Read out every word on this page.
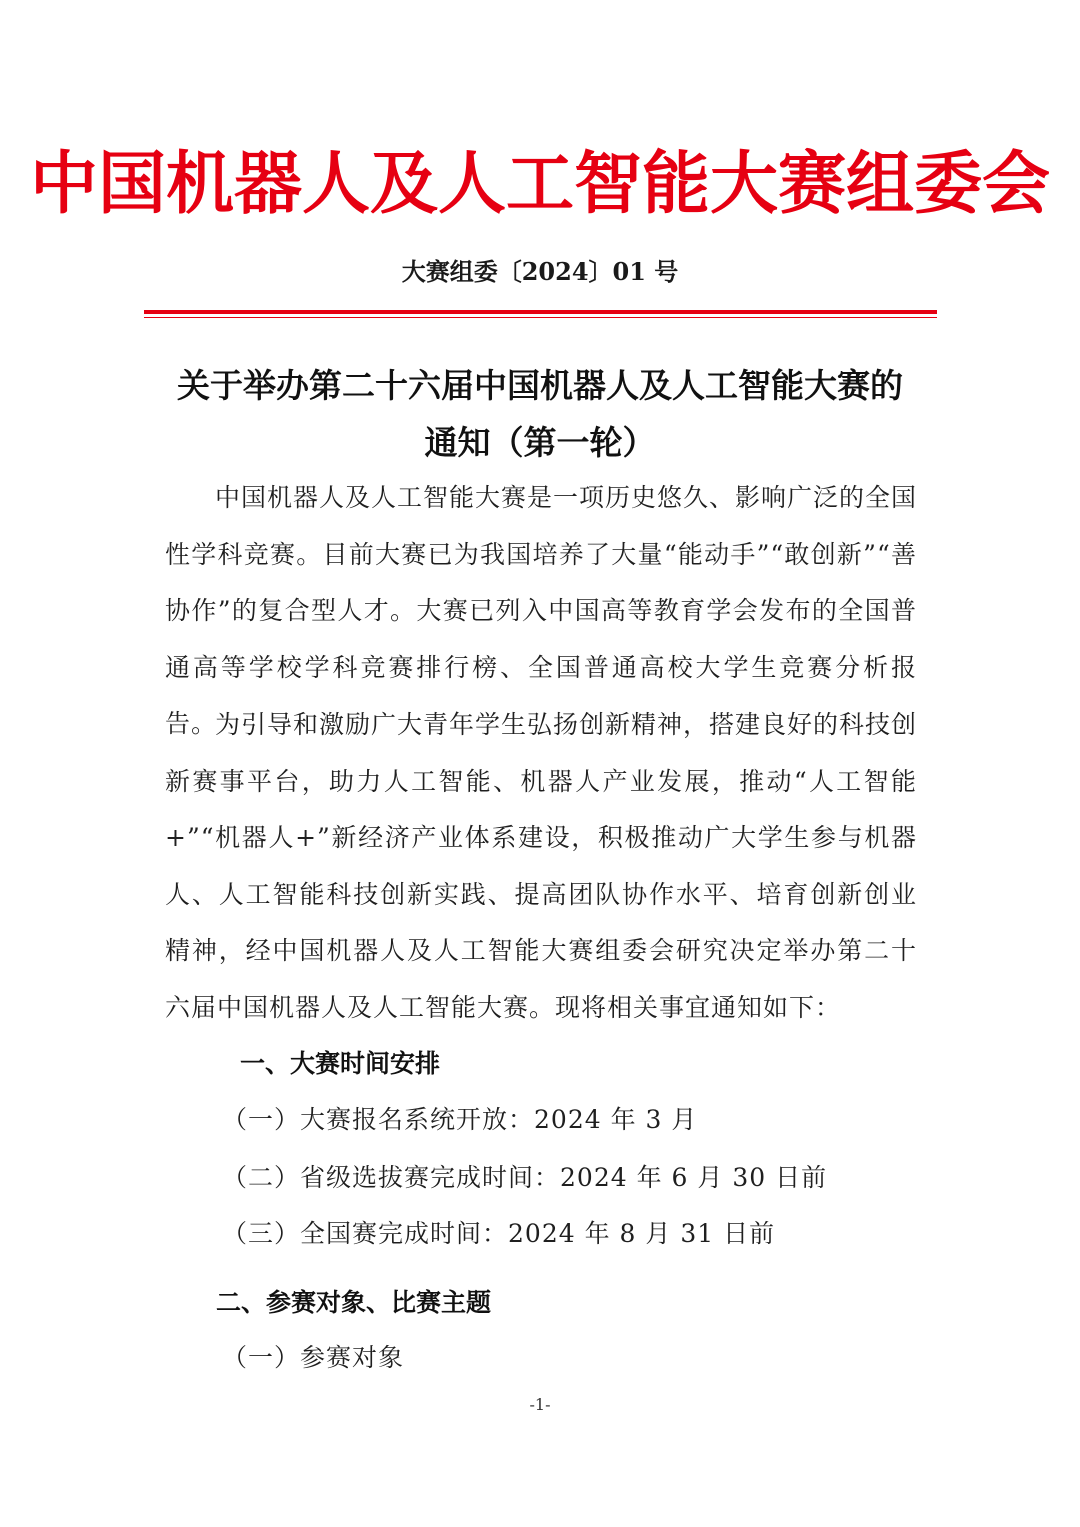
中国机器人及人工智能大赛组委会
大赛组委〔2024〕01 号
关于举办第二十六届中国机器人及人工智能大赛的
通知（第一轮）
中国机器人及人工智能大赛是一项历史悠久、影响广泛的全国性学科竞赛。目前大赛已为我国培养了大量“能动手”“敢创新”“善协作”的复合型人才。大赛已列入中国高等教育学会发布的全国普通高等学校学科竞赛排行榜、全国普通高校大学生竞赛分析报告。
为引导和激励广大青年学生弘扬创新精神，搭建良好的科技创新赛事平台，助力人工智能、机器人产业发展，推动“人工智能+”“机器人+”新经济产业体系建设，积极推动广大学生参与机器人、人工智能科技创新实践、提高团队协作水平、培育创新创业精神，经中国机器人及人工智能大赛组委会研究决定举办第二十六届中国机器人及人工智能大赛。现将相关事宜通知如下：
一、大赛时间安排
（一）大赛报名系统开放：2024 年 3 月
（二）省级选拔赛完成时间：2024 年 6 月 30 日前
（三）全国赛完成时间：2024 年 8 月 31 日前
二、参赛对象、比赛主题
（一）参赛对象
-1-
